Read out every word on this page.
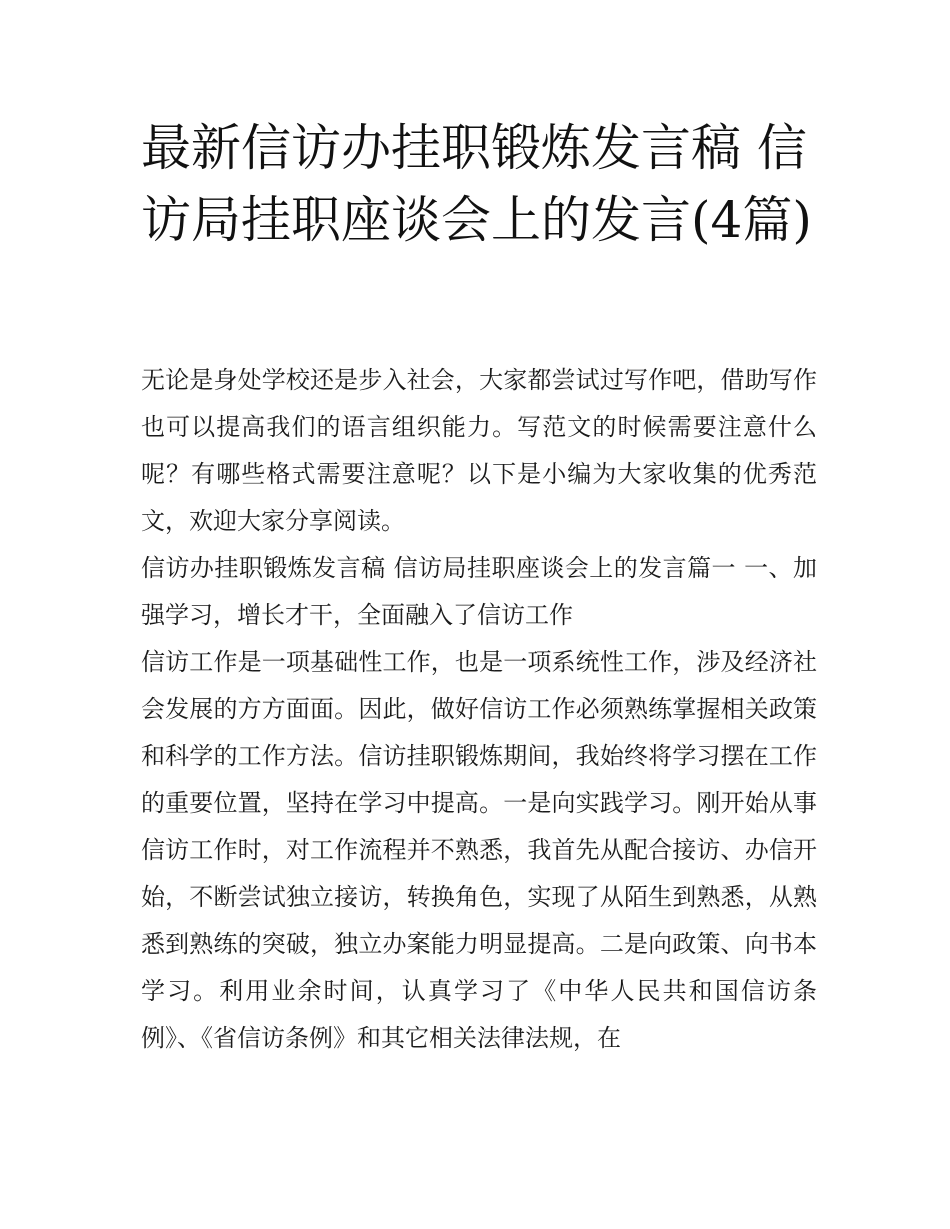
最新信访办挂职锻炼发言稿 信访局挂职座谈会上的发言(4篇)

无论是身处学校还是步入社会，大家都尝试过写作吧，借助写作也可以提高我们的语言组织能力。写范文的时候需要注意什么呢？有哪些格式需要注意呢？以下是小编为大家收集的优秀范文，欢迎大家分享阅读。

信访办挂职锻炼发言稿 信访局挂职座谈会上的发言篇一 一、加强学习，增长才干，全面融入了信访工作

信访工作是一项基础性工作，也是一项系统性工作，涉及经济社会发展的方方面面。因此，做好信访工作必须熟练掌握相关政策和科学的工作方法。信访挂职锻炼期间，我始终将学习摆在工作的重要位置，坚持在学习中提高。一是向实践学习。刚开始从事信访工作时，对工作流程并不熟悉，我首先从配合接访、办信开始，不断尝试独立接访，转换角色，实现了从陌生到熟悉，从熟悉到熟练的突破，独立办案能力明显提高。二是向政策、向书本学习。利用业余时间，认真学习了《中华人民共和国信访条例》、《省信访条例》和其它相关法律法规，在
